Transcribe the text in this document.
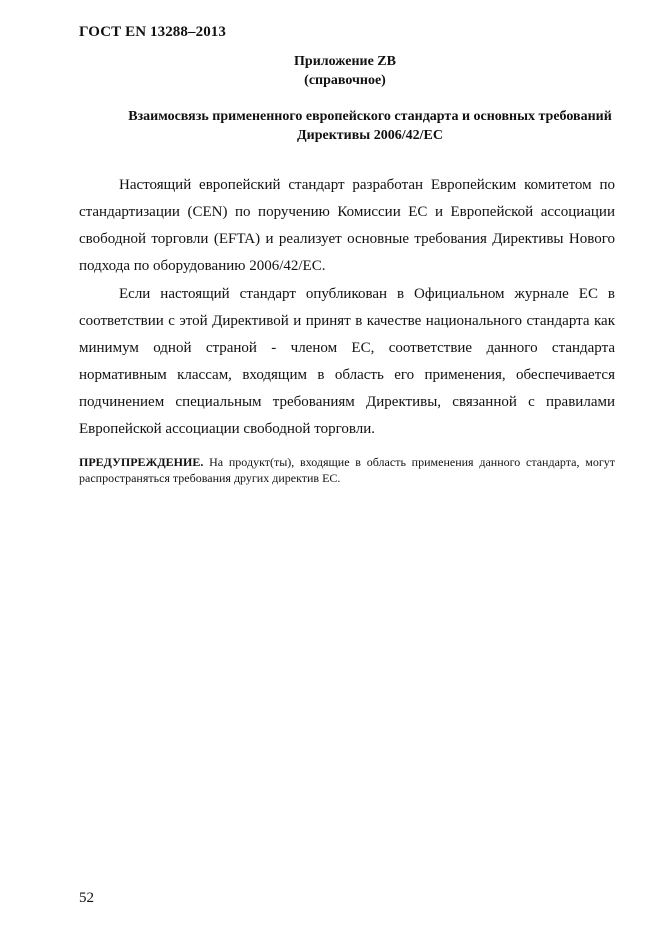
ГОСТ EN 13288–2013
Приложение ZB
(справочное)
Взаимосвязь примененного европейского стандарта и основных требований Директивы 2006/42/EC

Настоящий европейский стандарт разработан Европейским комитетом по стандартизации (CEN) по поручению Комиссии ЕС и Европейской ассоциации свободной торговли (EFTA) и реализует основные требования Директивы Нового подхода по оборудованию 2006/42/EC.

Если настоящий стандарт опубликован в Официальном журнале ЕС в соответствии с этой Директивой и принят в качестве национального стандарта как минимум одной страной - членом ЕС, соответствие данного стандарта нормативным классам, входящим в область его применения, обеспечивается подчинением специальным требованиям Директивы, связанной с правилами Европейской ассоциации свободной торговли.

ПРЕДУПРЕЖДЕНИЕ. На продукт(ты), входящие в область применения данного стандарта, могут распространяться требования других директив ЕС.
52
